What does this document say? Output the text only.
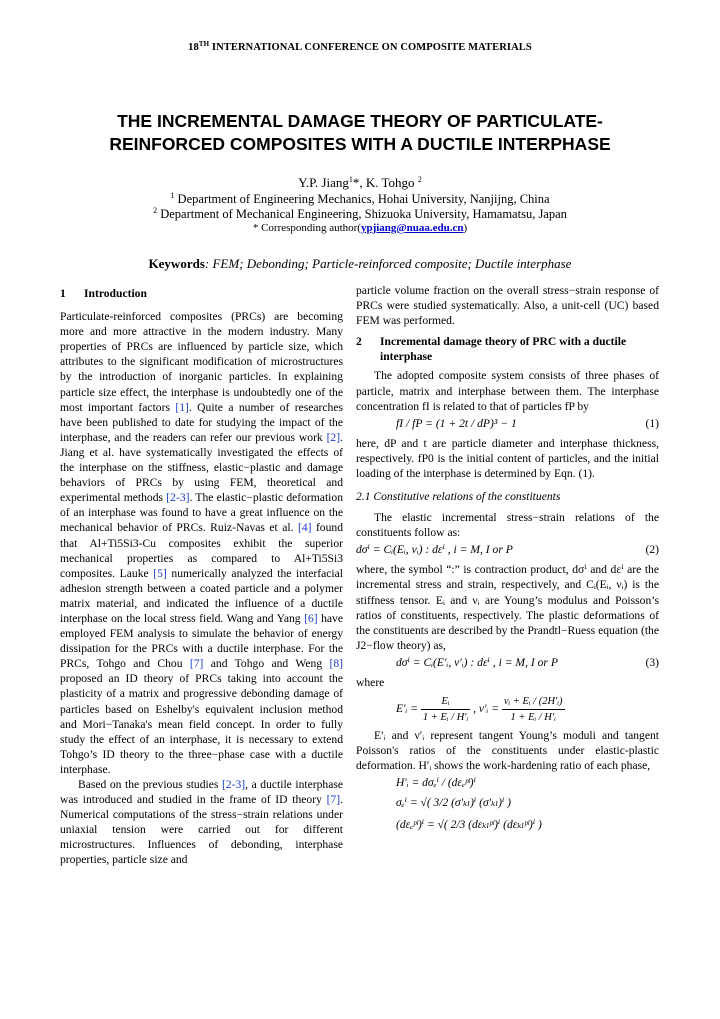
18TH INTERNATIONAL CONFERENCE ON COMPOSITE MATERIALS
THE INCREMENTAL DAMAGE THEORY OF PARTICULATE-
REINFORCED COMPOSITES WITH A DUCTILE INTERPHASE
Y.P. Jiang$^1$*, K. Tohgo $^2$
$^1$ Department of Engineering Mechanics, Hohai University, Nanjijng, China
$^2$ Department of Mechanical Engineering, Shizuoka University, Hamamatsu, Japan
* Corresponding author(ypjiang@nuaa.edu.cn)
Keywords: FEM; Debonding; Particle-reinforced composite; Ductile interphase
1 Introduction

Particulate-reinforced composites (PRCs) are becoming more and more attractive in the modern industry. Many properties of PRCs are influenced by particle size, which attributes to the significant modification of microstructures by the introduction of inorganic particles. In explaining particle size effect, the interphase is undoubtedly one of the most important factors [1]. Quite a number of researches have been published to date for studying the impact of the interphase, and the readers can refer our previous work [2]. Jiang et al. have systematically investigated the effects of the interphase on the stiffness, elastic−plastic and damage behaviors of PRCs by using FEM, theoretical and experimental methods [2-3]. The elastic−plastic deformation of an interphase was found to have a great influence on the mechanical behavior of PRCs. Ruiz-Navas et al. [4] found that Al+Ti5Si3-Cu composites exhibit the superior mechanical properties as compared to Al+Ti5Si3 composites. Lauke [5] numerically analyzed the interfacial adhesion strength between a coated particle and a polymer matrix material, and indicated the influence of a ductile interphase on the local stress field. Wang and Yang [6] have employed FEM analysis to simulate the behavior of energy dissipation for the PRCs with a ductile interphase. For the PRCs, Tohgo and Chou [7] and Tohgo and Weng [8] proposed an ID theory of PRCs taking into account the plasticity of a matrix and progressive debonding damage of particles based on Eshelby's equivalent inclusion method and Mori−Tanaka's mean field concept. In order to fully study the effect of an interphase, it is necessary to extend Tohgo’s ID theory to the three−phase case with a ductile interphase.

Based on the previous studies [2-3], a ductile interphase was introduced and studied in the frame of ID theory [7]. Numerical computations of the stress−strain relations under uniaxial tension were carried out for different microstructures. Influences of debonding, interphase properties, particle size and

particle volume fraction on the overall stress−strain response of PRCs were studied systematically. Also, a unit-cell (UC) based FEM was performed.

2	Incremental damage theory of PRC with a ductile interphase

The adopted composite system consists of three phases of particle, matrix and interphase between them. The interphase concentration fI is related to that of particles fP by

fI / fP = (1 + 2t / dP)³ − 1	(1)

here, dP and t are particle diameter and interphase thickness, respectively. fP0 is the initial content of particles, and the initial loading of the interphase is determined by Eqn. (1).

2.1 Constitutive relations of the constituents

The elastic incremental stress−strain relations of the constituents follow as:

dσⁱ = Cᵢ(Eᵢ, νᵢ) : dεⁱ , i = M, I or P	(2)

where, the symbol “:” is contraction product, dσⁱ and dεⁱ are the incremental stress and strain, respectively, and Cᵢ(Eᵢ, νᵢ) is the stiffness tensor. Eᵢ and νᵢ are Young’s modulus and Poisson’s ratios of constituents, respectively. The plastic deformations of the constituents are described by the Prandtl−Ruess equation (the J2−flow theory) as,

dσⁱ = Cᵢ(E′ᵢ, ν′ᵢ) : dεⁱ , i = M, I or P	(3)

where

E′ᵢ = $\frac{\text{Eᵢ}}{\text{1 + Eᵢ / H′ᵢ}}$ , ν′ᵢ = $\frac{\text{νᵢ + Eᵢ / (2H′ᵢ)}}{\text{1 + Eᵢ / H′ᵢ}}$

E′ᵢ and ν′ᵢ represent tangent Young’s moduli and tangent Poisson's ratios of the constituents under elastic-plastic deformation. H′ᵢ shows the work-hardening ratio of each phase,

H′ᵢ = dσₑⁱ / (dεₑᵖˡ)ⁱ
σₑⁱ = √( 3/2 (σ′ₖₗ)ⁱ (σ′ₖₗ)ⁱ )
(dεₑᵖˡ)ⁱ = √( 2/3 (dεₖₗᵖˡ)ⁱ (dεₖₗᵖˡ)ⁱ )
